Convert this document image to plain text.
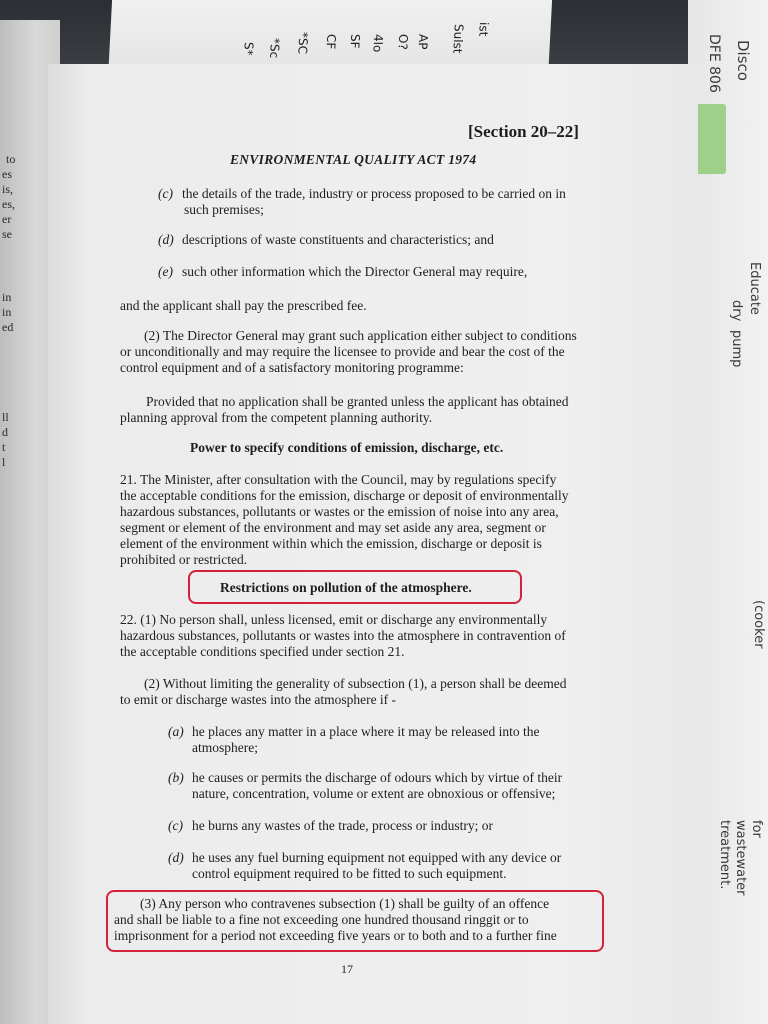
ist
Sulst
AP
O?
4lo
SF
CF
*SC
*Sc
S*
to
es
is,
es,
er
se
in
in
ed
ll
d
t
l
Disco
DFE 806
Educate
dry
pump
(cooker
for
wastewater
treatment.
[Section 20–22]
ENVIRONMENTAL QUALITY ACT 1974
(c) the details of the trade, industry or process proposed to be carried on in
such premises;
(d) descriptions of waste constituents and characteristics; and
(e) such other information which the Director General may require,
and the applicant shall pay the prescribed fee.
(2) The Director General may grant such application either subject to conditions
or unconditionally and may require the licensee to provide and bear the cost of the
control equipment and of a satisfactory monitoring programme:
Provided that no application shall be granted unless the applicant has obtained
planning approval from the competent planning authority.
Power to specify conditions of emission, discharge, etc.
21. The Minister, after consultation with the Council, may by regulations specify
the acceptable conditions for the emission, discharge or deposit of environmentally
hazardous substances, pollutants or wastes or the emission of noise into any area,
segment or element of the environment and may set aside any area, segment or
element of the environment within which the emission, discharge or deposit is
prohibited or restricted.
Restrictions on pollution of the atmosphere.
22. (1) No person shall, unless licensed, emit or discharge any environmentally
hazardous substances, pollutants or wastes into the atmosphere in contravention of
the acceptable conditions specified under section 21.
(2) Without limiting the generality of subsection (1), a person shall be deemed
to emit or discharge wastes into the atmosphere if -
(a) he places any matter in a place where it may be released into the
atmosphere;
(b) he causes or permits the discharge of odours which by virtue of their
nature, concentration, volume or extent are obnoxious or offensive;
(c) he burns any wastes of the trade, process or industry; or
(d) he uses any fuel burning equipment not equipped with any device or
control equipment required to be fitted to such equipment.
(3) Any person who contravenes subsection (1) shall be guilty of an offence
and shall be liable to a fine not exceeding one hundred thousand ringgit or to
imprisonment for a period not exceeding five years or to both and to a further fine
17
